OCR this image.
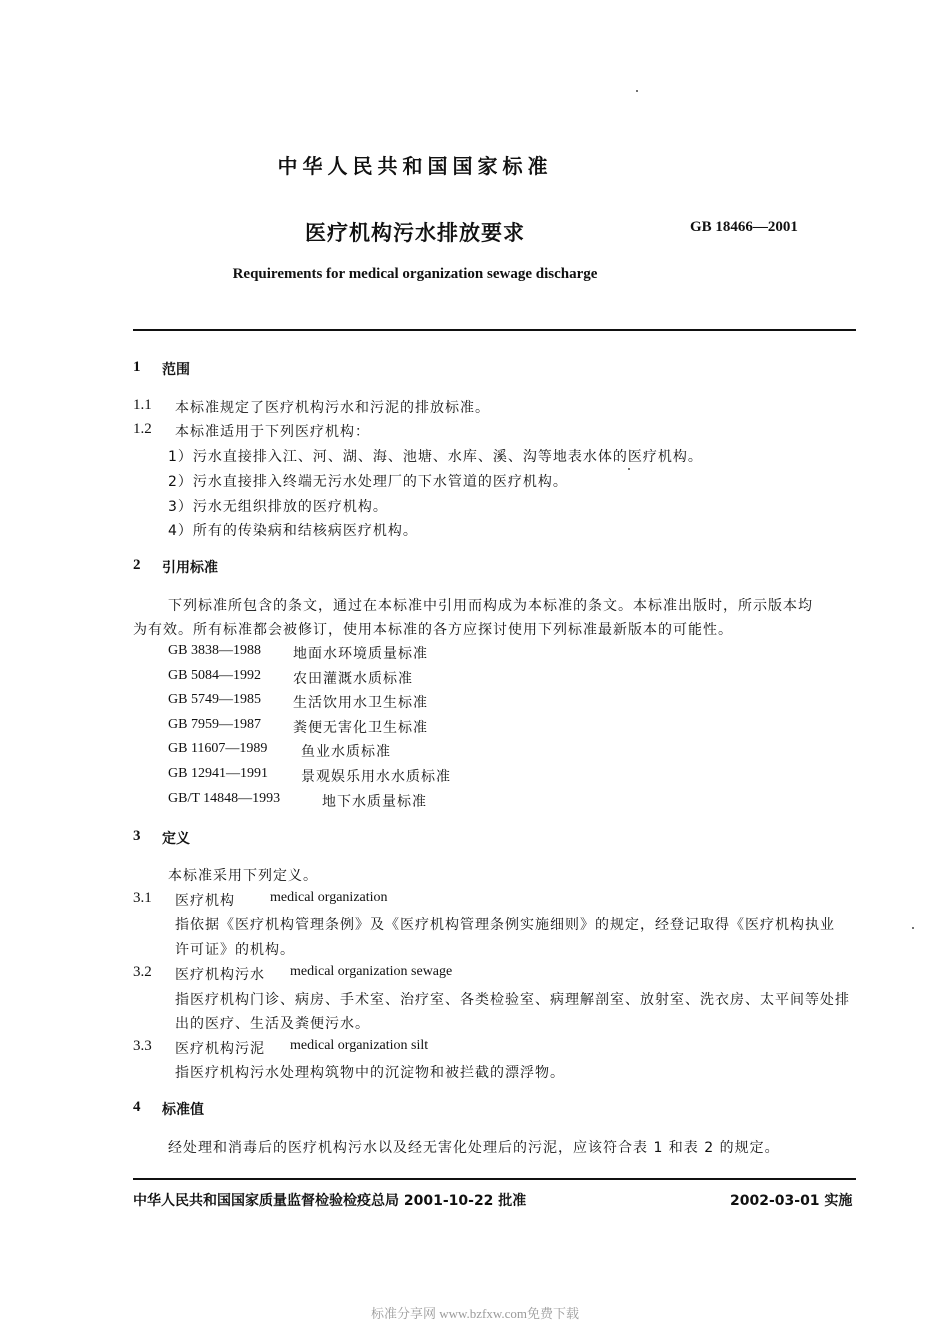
中华人民共和国国家标准
医疗机构污水排放要求	GB 18466—2001
Requirements for medical organization sewage discharge
1 范围
1.1 本标准规定了医疗机构污水和污泥的排放标准。
1.2 本标准适用于下列医疗机构：
1）污水直接排入江、河、湖、海、池塘、水库、溪、沟等地表水体的医疗机构。
2）污水直接排入终端无污水处理厂的下水管道的医疗机构。
3）污水无组织排放的医疗机构。
4）所有的传染病和结核病医疗机构。
2 引用标准
下列标准所包含的条文，通过在本标准中引用而构成为本标准的条文。本标准出版时，所示版本均
为有效。所有标准都会被修订，使用本标准的各方应探讨使用下列标准最新版本的可能性。
GB 3838—1988 地面水环境质量标准
GB 5084—1992 农田灌溉水质标准
GB 5749—1985 生活饮用水卫生标准
GB 7959—1987 粪便无害化卫生标准
GB 11607—1989 鱼业水质标准
GB 12941—1991 景观娱乐用水水质标准
GB/T 14848—1993	地下水质量标准
3 定义
本标准采用下列定义。
3.1 医疗机构	medical organization
指依据《医疗机构管理条例》及《医疗机构管理条例实施细则》的规定，经登记取得《医疗机构执业
许可证》的机构。
3.2 医疗机构污水 medical organization sewage
指医疗机构门诊、病房、手术室、治疗室、各类检验室、病理解剖室、放射室、洗衣房、太平间等处排
出的医疗、生活及粪便污水。
3.3 医疗机构污泥 medical organization silt
指医疗机构污水处理构筑物中的沉淀物和被拦截的漂浮物。
4 标准值
经处理和消毒后的医疗机构污水以及经无害化处理后的污泥，应该符合表 1 和表 2 的规定。
中华人民共和国国家质量监督检验检疫总局 2001-10-22 批准	2002-03-01 实施
标准分享网 www.bzfxw.com免费下载
